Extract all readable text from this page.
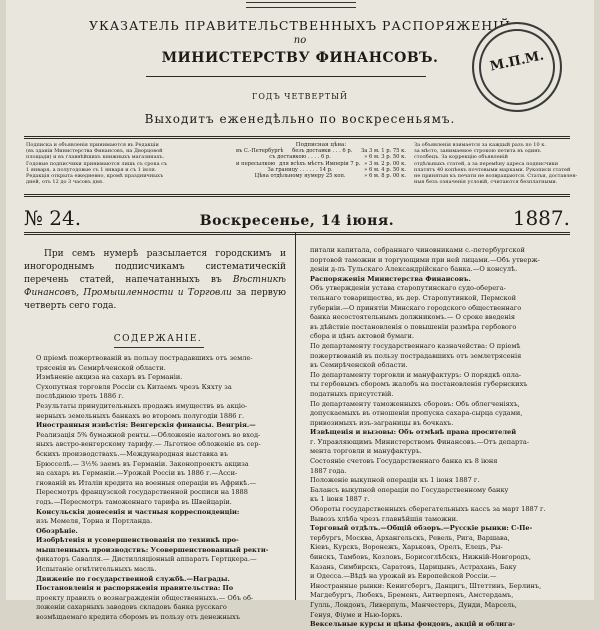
УКАЗАТЕЛЬ ПРАВИТЕЛЬСТВЕННЫХЪ РАСПОРЯЖЕНІЙ
по
МИНИСТЕРСТВУ ФИНАНСОВЪ.
ГОДЪ ЧЕТВЕРТЫЙ
Выходитъ еженедѣльно по воскресеньямъ.
М.П.М.
Подписка и объявленія принимаются въ Редакціи
(въ зданіи Министерства Финансовъ, на Дворцовой
площади) и въ главнѣйшихъ книжныхъ магазинахъ.
Годовые подписчики принимаются лишь съ срока съ
1 января, а полугодовые съ 1 января и съ 1 іюля.
Редакція открыта ежедневно, кромѣ праздничныхъ
дней, отъ 12 до 3 часовъ дня.
Подписная цѣна:
въ С.-Петербургѣ безъ доставки . . . 6 р. За 3 м. 1 р. 75 к.
съ доставкою . . . . 6 р.	» 6 м. 3 р. 50 к.
и пересылкою для всѣхъ мѣстъ Имперіи 7 р. » 3 м. 2 р. 00 к.
За границу . . . . . . 14 р.	» 6 м. 4 р. 50 к.
Цѣна отдѣльному нумеру 25 коп.	» 6 м. 8 р. 00 к.
За объявленія взимается за каждый разъ по 10 к.
за мѣсто, занимаемое строкою петита въ одинъ
столбецъ. За коррекцію объявленій
отдѣльныхъ статей, а за перемѣну адреса подписчики
платятъ 40 копѣекъ почтовыми марками. Рукописи статей
не принятыя къ печати не возвращаются. Статьи, доставлен-
ныя безъ означенія условій, считаются безплатными.
№ 24.	Воскресенье, 14 іюня.	1887.
При семъ нумерѣ разсылается городскимъ и иногороднымъ подписчикамъ систематическій перечень статей, напечатанныхъ въ Вѣстникѣ Финансовъ, Промышленности и Торговли за первую четверть сего года.
СОДЕРЖАНІЕ.
О пріемѣ пожертвованій въ пользу пострадавшихъ отъ земле-
трясенія въ Семирѣченской области.
Измѣненіе акциза на сахаръ въ Германіи.
Сухопутная торговля Россіи съ Китаемъ чрезъ Кяхту за
послѣднюю треть 1886 г.
Результаты принудительныхъ продажъ имуществъ въ акціо-
нерныхъ земельныхъ банкахъ во второмъ полугодіи 1886 г.
Иностранныя извѣстія: Венгерскія финансы. Венгрія.—
Реализація 5% бумажной ренты.—Обложеніе налогомъ во вход-
ныхъ австро-венгерскому тарифу.— Льготное обложеніе въ сер-
бскихъ производствахъ.—Международная выставка въ
Брюсселѣ.— 3½% заемъ въ Германіи. Законопроектъ акциза
на сахаръ въ Германіи.—Урожай Россіи въ 1886 г.—Асси-
гнованій въ Италіи кредита на военныя операціи въ Африкѣ.—
Пересмотръ французской государственной росписи на 1888
годъ.—Пересмотръ таможеннаго тарифа въ Швейцаріи.
Консульскія донесенія и частныя корреспонденціи:
изъ Мемеля, Торна и Портланда.
Обозрѣніе.
Изобрѣтенія и усовершенствованія по техникѣ про-
мышленныхъ производствъ: Усовершенствованный ректи-
фикаторъ Савалля.— Дистилляціонный аппаратъ Гертцкера.—
Испытаніе огнѣтительныхъ масль.
Движеніе по государственной службѣ.—Награды.
Постановленія и распоряженія правительства: По
проекту правилъ о вознагражденіи общественныхъ.— Объ об-
ложеніи сахарныхъ заводовъ складовъ банка русскаго
возмѣщаемаго кредита сборомъ въ пользу отъ денежныхъ
питали капитала, собраннаго чиновниками с.-петербургской
портовой таможни и торгующими при ней лицами.—Объ утверж-
деніи д-лъ Тульскаго Александрійскаго банка.—О консулѣ.
Распоряженія Министерства Финансовъ.
Объ утвержденіи устава старопутинскаго судо-оберега-
тельнаго товарищества, въ дер. Старопутинкой, Пермской
губерніи.—О принятіи Минскаго городского общественнаго
банка несостоятельнымъ должникомъ.— О сроке введенія
въ дѣйствіе постановленія о повышеніи размѣра гербового
сбора и цѣнъ актовой бумаги.
По департаменту государственнаго казначейства: О пріемѣ
пожертвованій въ пользу пострадавшихъ отъ землетрясенія
въ Семирѣченской области.
По департаменту торговли и мануфактуръ: О порядкѣ опла-
ты гербовымъ сборомъ жалобъ на постановленія губернскихъ
податныхъ присутствій.
По департаменту таможенныхъ сборовъ: Объ облегченіяхъ,
допускаемыхъ въ отношеніи пропуска сахара-сырца судами,
привозимыхъ изъ-заграницы въ бочкахъ.
Извѣщенія и вызовы: Объ отмѣнѣ права просителей
г. Управляющимъ Министерствомъ Финансовъ.—Отъ департа-
мента торговли и мануфактуръ.
Состояніе счетовъ Государственнаго банка къ 8 іюня
1887 года.
Положеніе выкупной операціи къ 1 іюня 1887 г.
Балансъ выкупной операціи по Государственному банку
къ 1 іюня 1887 г.
Обороты государственныхъ сберегательныхъ кассъ за март 1887 г.
Вывозъ хлѣба чрезъ главнѣйшія таможни.
Торговый отдѣлъ.—Общій обзоръ.—Русскіе рынки: С-Пе-
тербургъ, Москва, Архангельскъ, Ревель, Рига, Варшава,
Кіевъ, Курскъ, Воронежъ, Харьковъ, Орелъ, Елецъ, Ры-
бинскъ, Тамбовъ, Козловъ, Борисоглѣбскъ, Нижній-Новгородъ,
Казань, Симбирскъ, Саратовъ, Царицынъ, Астрахань, Баку
и Одесса.—Вѣдѣ на урожай въ Европейской Россіи.—
Иностранные рынки: Кенигсбергъ, Данцигъ, Штеттинъ, Берлинъ,
Магдебургъ, Любекъ, Бременъ, Антверпенъ, Амстердамъ,
Гулль, Лондонъ, Ливерпуль, Манчестеръ, Дунди, Марсель,
Генуя, Фіуме и Нью-Іоркъ.
Вексельные курсы и цѣны фондовъ, акцій и облига-
